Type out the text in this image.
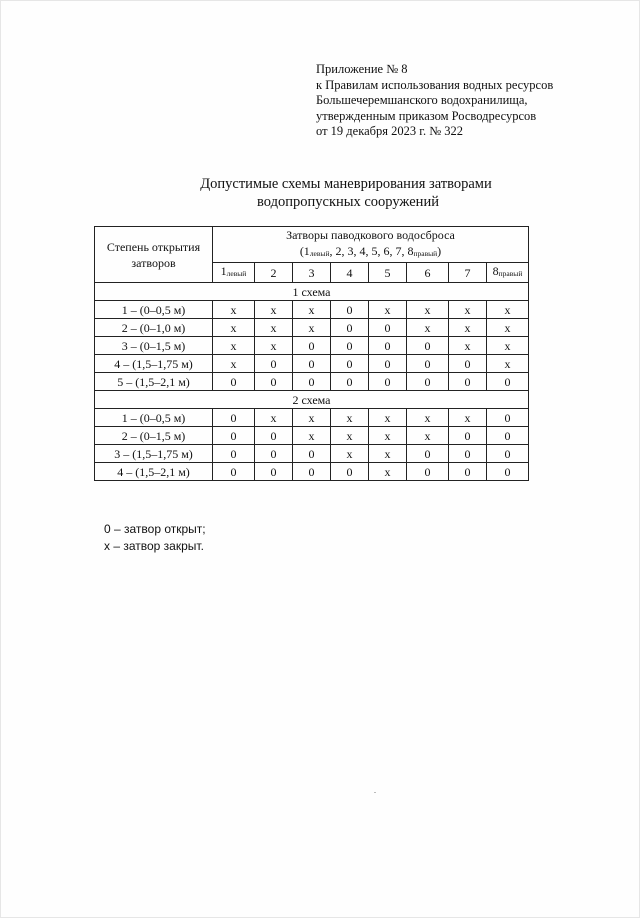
Приложение № 8
к Правилам использования водных ресурсов
Большечеремшанского водохранилища,
утвержденным приказом Росводресурсов
от 19 декабря 2023 г. № 322
Допустимые схемы маневрирования затворами
водопропускных сооружений
Степень открытия затворов	Затворы паводкового водосброса
(1левый, 2, 3, 4, 5, 6, 7, 8правый)							

	1левый	2	3	4	5	6	7	8правый
1 схема								
1 – (0–0,5 м)	х	х	х	0	х	х	х	х
2 – (0–1,0 м)	х	х	х	0	0	х	х	х
3 – (0–1,5 м)	х	х	0	0	0	0	х	х
4 – (1,5–1,75 м)	х	0	0	0	0	0	0	х
5 – (1,5–2,1 м)	0	0	0	0	0	0	0	0
2 схема								
1 – (0–0,5 м)	0	х	х	х	х	х	х	0
2 – (0–1,5 м)	0	0	х	х	х	х	0	0
3 – (1,5–1,75 м)	0	0	0	х	х	0	0	0
4 – (1,5–2,1 м)	0	0	0	0	х	0	0	0
0 – затвор открыт;
х – затвор закрыт.
